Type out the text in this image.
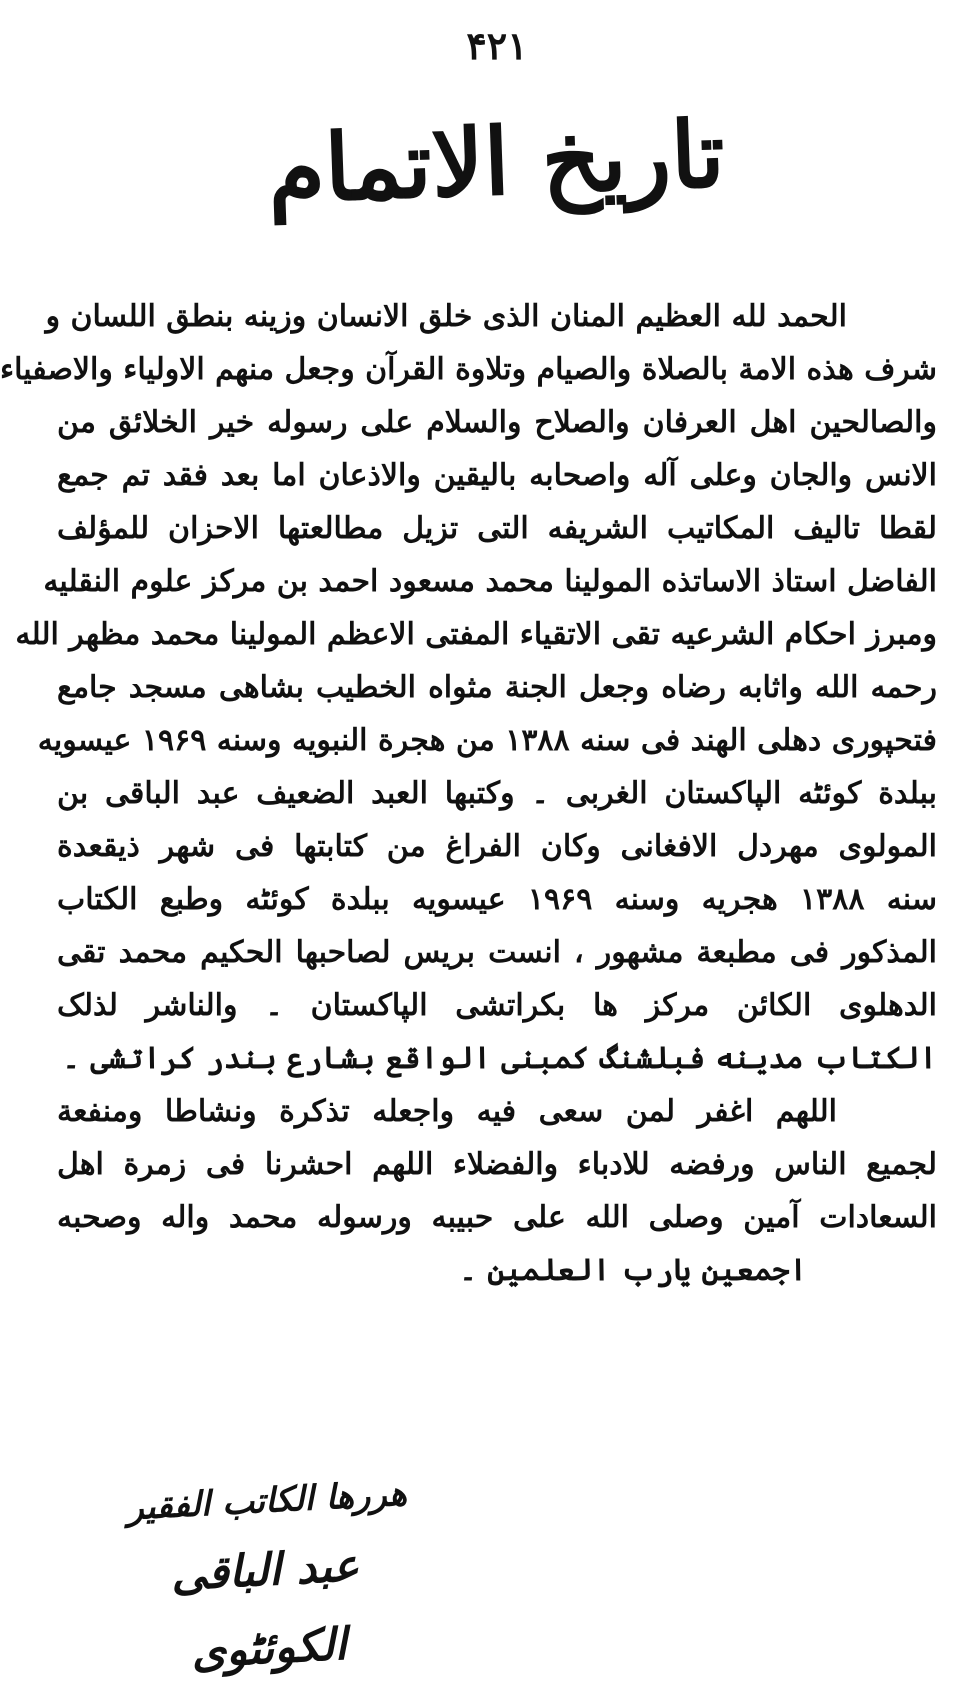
۴۲۱
تاریخ الاتمام
الحمد لله العظیم المنان الذی خلق الانسان وزینه بنطق اللسان و
شرف هذه الامة بالصلاة والصیام وتلاوة القرآن وجعل منهم الاولیاء والاصفیاء
والصالحین اهل العرفان والصلاح والسلام علی رسوله خیر الخلائق من
الانس والجان وعلی آله واصحابه بالیقین والاذعان اما بعد فقد تم جمع
لقطا تالیف المکاتیب الشریفه التی تزیل مطالعتها الاحزان للمؤلف
الفاضل استاذ الاساتذه المولینا محمد مسعود احمد بن مرکز علوم النقلیه
ومبرز احکام الشرعیه تقی الاتقیاء المفتی الاعظم المولینا محمد مظهر الله
رحمه الله واثابه رضاه وجعل الجنة مثواه الخطیب بشاهی مسجد جامع
فتحپوری دهلی الهند فی سنه ۱۳۸۸ من هجرة النبویه وسنه ۱۹۶۹ عیسویه
ببلدة کوئٹه الپاکستان الغربی ۔ وکتبها العبد الضعیف عبد الباقی بن
المولوی مهردل الافغانی وکان الفراغ من کتابتها فی شهر ذیقعدة
سنه ۱۳۸۸ هجریه وسنه ۱۹۶۹ عیسویه ببلدة کوئٹه وطبع الکتاب
المذکور فی مطبعة مشهور ، انست بریس لصاحبها الحکیم محمد تقی
الدهلوی الکائن مرکز ها بکراتشی الپاکستان ۔ والناشر لذلک
الکتاب مدینه فبلشنگ کمبنی الواقع بشارع بندر کراتشی ۔
اللهم اغفر لمن سعی فیه واجعله تذکرة ونشاطا ومنفعة
لجمیع الناس ورفضه للادباء والفضلاء اللهم احشرنا فی زمرة اهل
السعادات آمین وصلی الله علی حبیبه ورسوله محمد واله وصحبه
اجمعین یارب العلمین ۔
هررها الکاتب الفقیر
عبد الباقی الکوئٹوی
